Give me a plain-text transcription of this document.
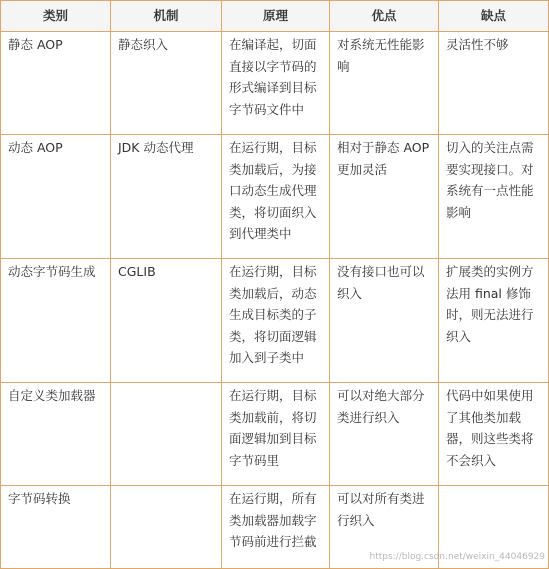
类别	机制	原理	优点	缺点
静态 AOP	静态织入	在编译起，切面直接以字节码的形式编译到目标字节码文件中	对系统无性能影响	灵活性不够
动态 AOP	JDK 动态代理	在运行期，目标类加载后，为接口动态生成代理类，将切面织入到代理类中	相对于静态 AOP 更加灵活	切入的关注点需要实现接口。对系统有一点性能影响
动态字节码生成	CGLIB	在运行期，目标类加载后，动态生成目标类的子类，将切面逻辑加入到子类中	没有接口也可以织入	扩展类的实例方法用 final 修饰时，则无法进行织入
自定义类加载器		在运行期，目标类加载前，将切面逻辑加到目标字节码里	可以对绝大部分类进行织入	代码中如果使用了其他类加载器，则这些类将不会织入
字节码转换		在运行期，所有类加载器加载字节码前进行拦截	可以对所有类进行织入	
https://blog.csdn.net/weixin_44046929
